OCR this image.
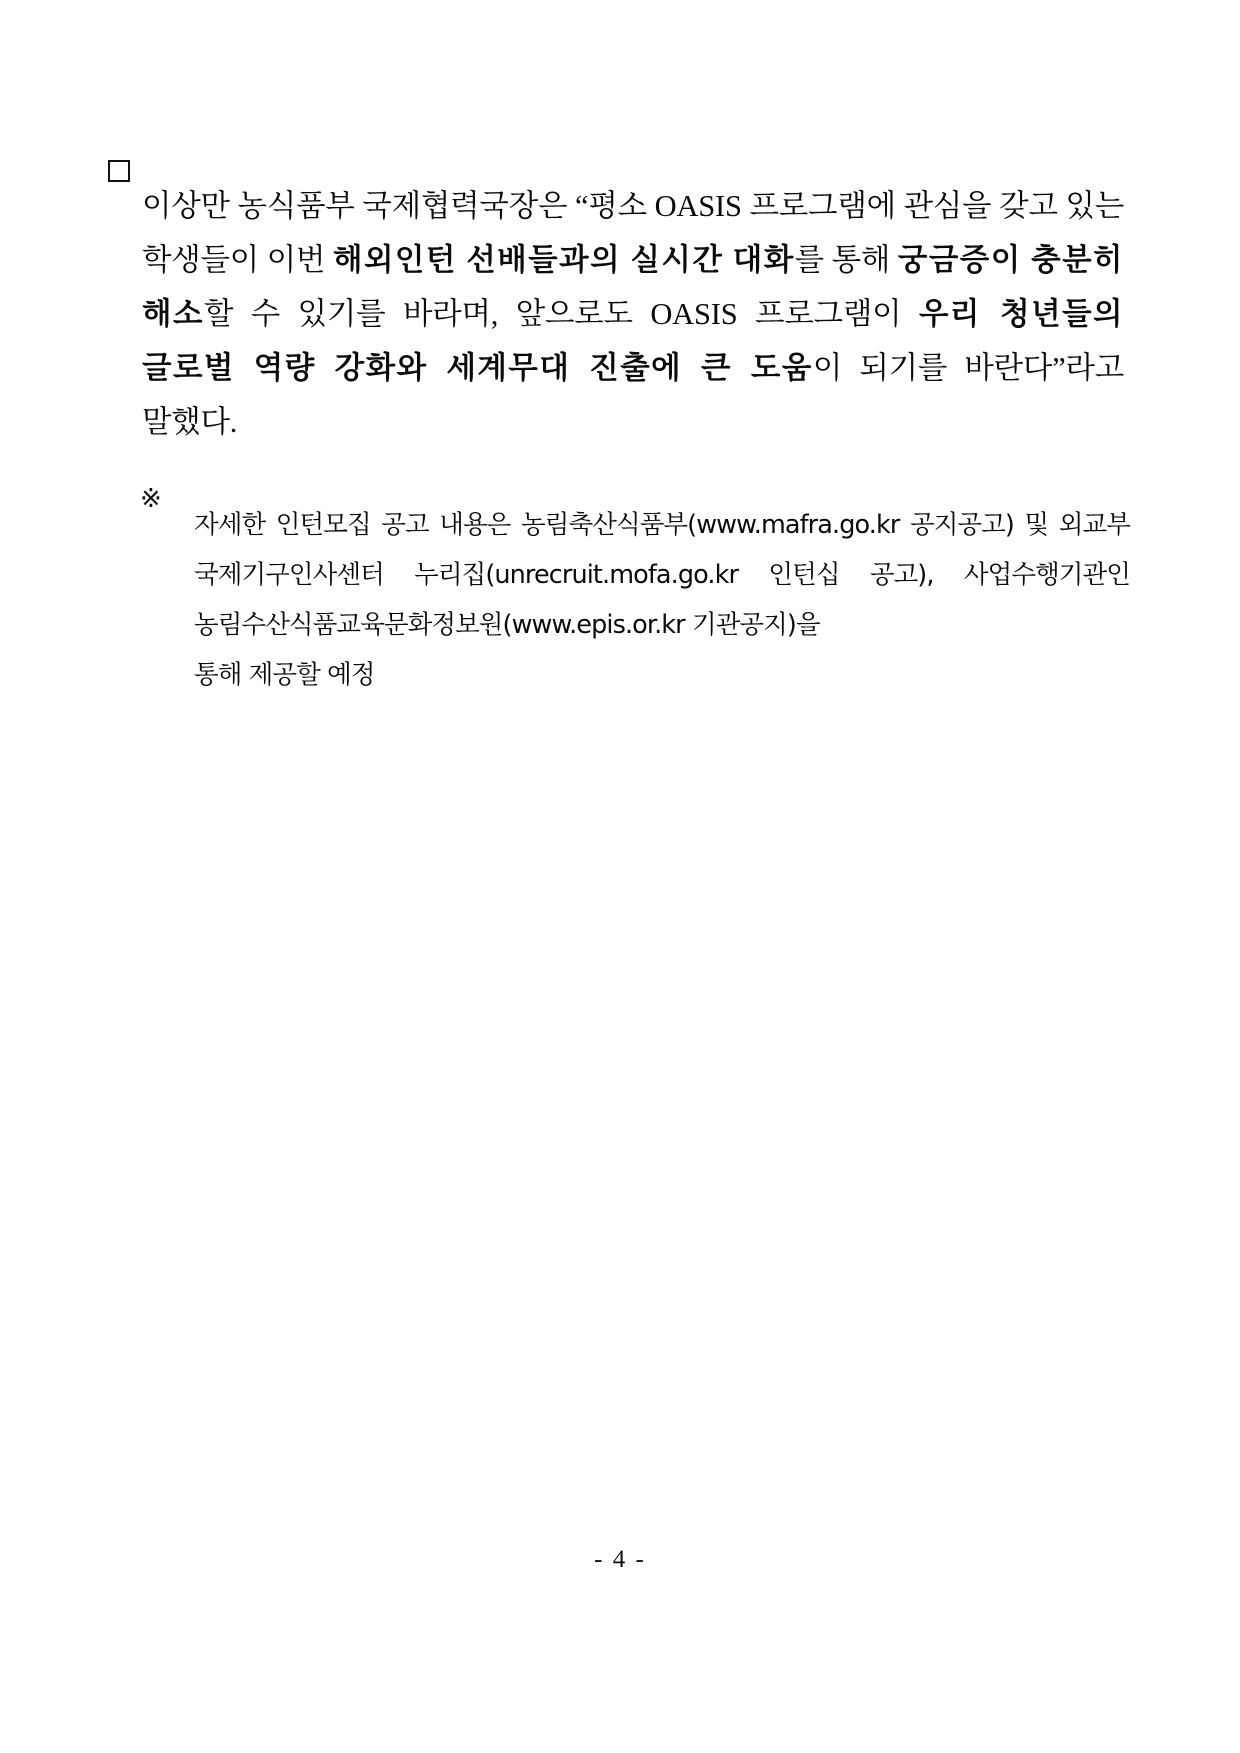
이상만 농식품부 국제협력국장은 “평소 OASIS 프로그램에 관심을 갖고 있는 학생들이 이번 해외인턴 선배들과의 실시간 대화를 통해 궁금증이 충분히 해소할 수 있기를 바라며, 앞으로도 OASIS 프로그램이 우리 청년들의 글로벌 역량 강화와 세계무대 진출에 큰 도움이 되기를 바란다”라고 말했다.

※

자세한 인턴모집 공고 내용은 농림축산식품부(www.mafra.go.kr 공지공고) 및 외교부 국제기구인사센터 누리집(unrecruit.mofa.go.kr 인턴십 공고), 사업수행기관인 농림수산식품교육문화정보원(www.epis.or.kr 기관공지)을
통해 제공할 예정

- 4 -
